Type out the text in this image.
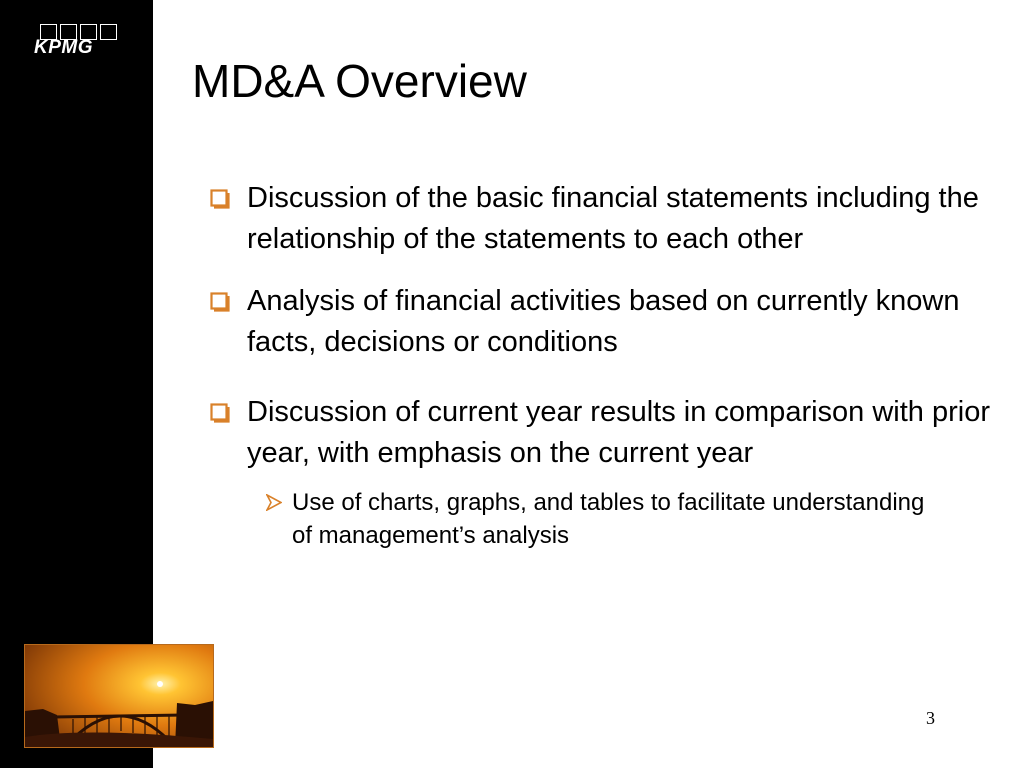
KPMG
MD&A Overview

Discussion of the basic financial statements including the relationship of the statements to each other

Analysis of financial activities based on currently known facts, decisions or conditions

Discussion of current year results in comparison with prior year, with emphasis on the current year

Use of charts, graphs, and tables to facilitate understanding of management’s analysis
3
